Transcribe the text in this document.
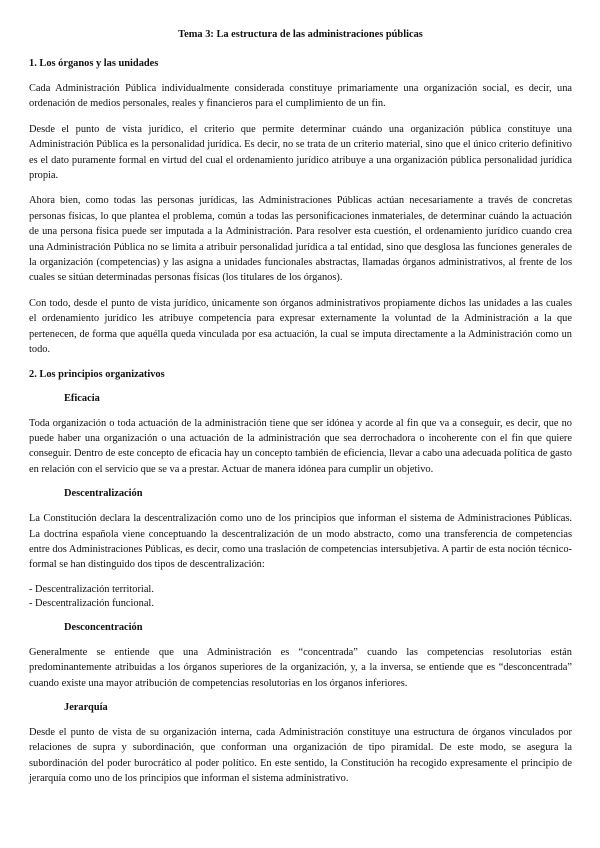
Tema 3: La estructura de las administraciones públicas
1. Los órganos y las unidades
Cada Administración Pública individualmente considerada constituye primariamente una organización social, es decir, una ordenación de medios personales, reales y financieros para el cumplimiento de un fin.
Desde el punto de vista jurídico, el criterio que permite determinar cuándo una organización pública constituye una Administración Pública es la personalidad jurídica. Es decir, no se trata de un criterio material, sino que el único criterio definitivo es el dato puramente formal en virtud del cual el ordenamiento jurídico atribuye a una organización pública personalidad jurídica propia.
Ahora bien, como todas las personas jurídicas, las Administraciones Públicas actúan necesariamente a través de concretas personas físicas, lo que plantea el problema, común a todas las personificaciones inmateriales, de determinar cuándo la actuación de una persona física puede ser imputada a la Administración. Para resolver esta cuestión, el ordenamiento jurídico cuando crea una Administración Pública no se limita a atribuir personalidad jurídica a tal entidad, sino que desglosa las funciones generales de la organización (competencias) y las asigna a unidades funcionales abstractas, llamadas órganos administrativos, al frente de los cuales se sitúan determinadas personas físicas (los titulares de los órganos).
Con todo, desde el punto de vista jurídico, únicamente son órganos administrativos propiamente dichos las unidades a las cuales el ordenamiento jurídico les atribuye competencia para expresar externamente la voluntad de la Administración a la que pertenecen, de forma que aquélla queda vinculada por esa actuación, la cual se imputa directamente a la Administración como un todo.
2. Los principios organizativos
Eficacia
Toda organización o toda actuación de la administración tiene que ser idónea y acorde al fin que va a conseguir, es decir, que no puede haber una organización o una actuación de la administración que sea derrochadora o incoherente con el fin que quiere conseguir. Dentro de este concepto de eficacia hay un concepto también de eficiencia, llevar a cabo una adecuada política de gasto en relación con el servicio que se va a prestar. Actuar de manera idónea para cumplir un objetivo.
Descentralización
La Constitución declara la descentralización como uno de los principios que informan el sistema de Administraciones Públicas. La doctrina española viene conceptuando la descentralización de un modo abstracto, como una transferencia de competencias entre dos Administraciones Públicas, es decir, como una traslación de competencias intersubjetiva. A partir de esta noción técnico-formal se han distinguido dos tipos de descentralización:
- Descentralización territorial.
- Descentralización funcional.
Desconcentración
Generalmente se entiende que una Administración es “concentrada” cuando las competencias resolutorias están predominantemente atribuidas a los órganos superiores de la organización, y, a la inversa, se entiende que es “desconcentrada” cuando existe una mayor atribución de competencias resolutorias en los órganos inferiores.
Jerarquía
Desde el punto de vista de su organización interna, cada Administración constituye una estructura de órganos vinculados por relaciones de supra y subordinación, que conforman una organización de tipo piramidal. De este modo, se asegura la subordinación del poder burocrático al poder político. En este sentido, la Constitución ha recogido expresamente el principio de jerarquía como uno de los principios que informan el sistema administrativo.
